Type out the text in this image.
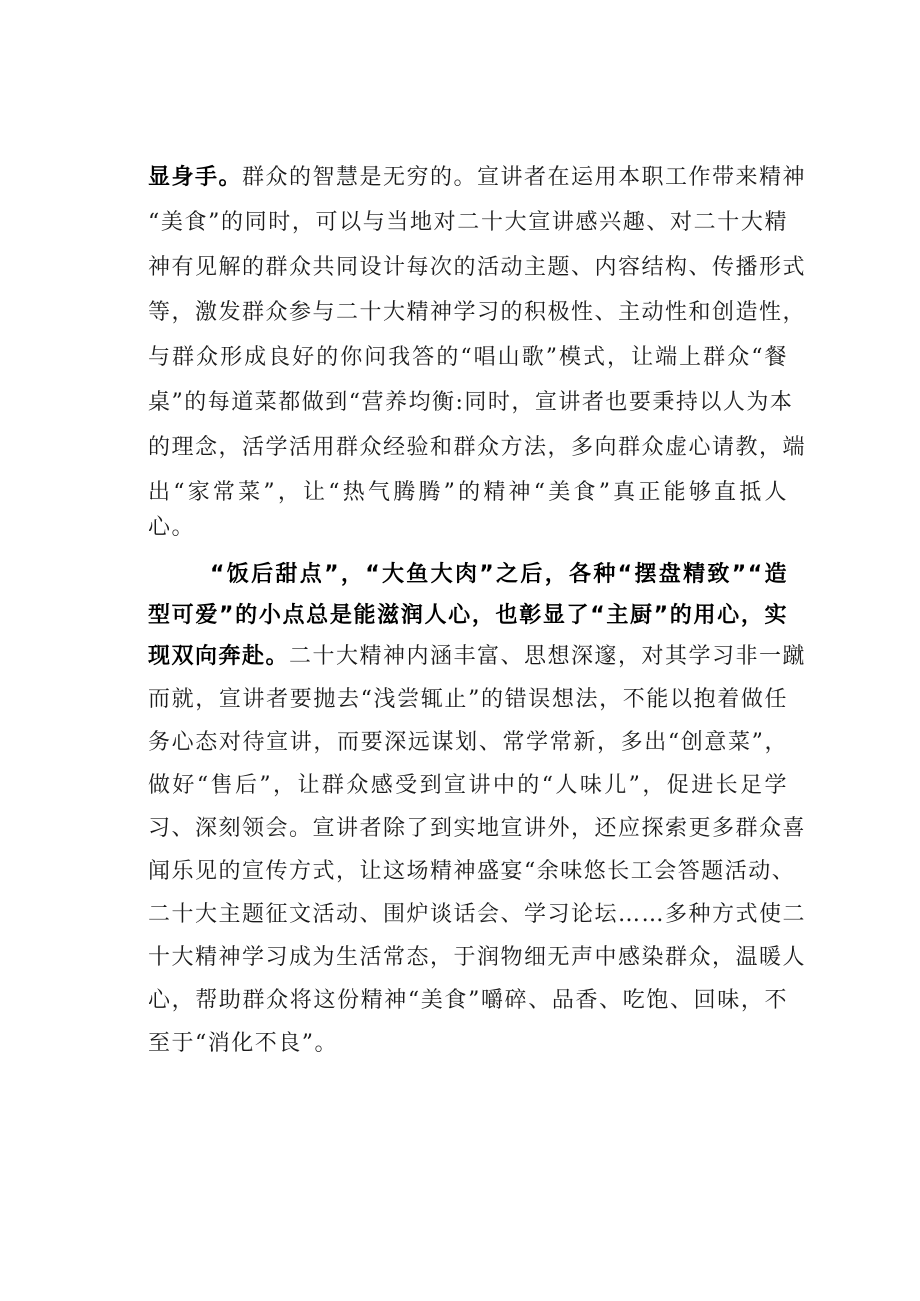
显身手。群众的智慧是无穷的。宣讲者在运用本职工作带来精神
“美食”的同时，可以与当地对二十大宣讲感兴趣、对二十大精
神有见解的群众共同设计每次的活动主题、内容结构、传播形式
等，激发群众参与二十大精神学习的积极性、主动性和创造性，
与群众形成良好的你问我答的“唱山歌”模式，让端上群众“餐
桌”的每道菜都做到“营养均衡:同时，宣讲者也要秉持以人为本
的理念，活学活用群众经验和群众方法，多向群众虚心请教，端
出“家常菜”，让“热气腾腾”的精神“美食”真正能够直抵人
心。
“饭后甜点”，“大鱼大肉”之后，各种“摆盘精致”“造
型可爱”的小点总是能滋润人心，也彰显了“主厨”的用心，实
现双向奔赴。二十大精神内涵丰富、思想深邃，对其学习非一蹴
而就，宣讲者要抛去“浅尝辄止”的错误想法，不能以抱着做任
务心态对待宣讲，而要深远谋划、常学常新，多出“创意菜”，
做好“售后”，让群众感受到宣讲中的“人味儿”，促进长足学
习、深刻领会。宣讲者除了到实地宣讲外，还应探索更多群众喜
闻乐见的宣传方式，让这场精神盛宴“余味悠长工会答题活动、
二十大主题征文活动、围炉谈话会、学习论坛……多种方式使二
十大精神学习成为生活常态，于润物细无声中感染群众，温暖人
心，帮助群众将这份精神“美食”嚼碎、品香、吃饱、回味，不
至于“消化不良”。
